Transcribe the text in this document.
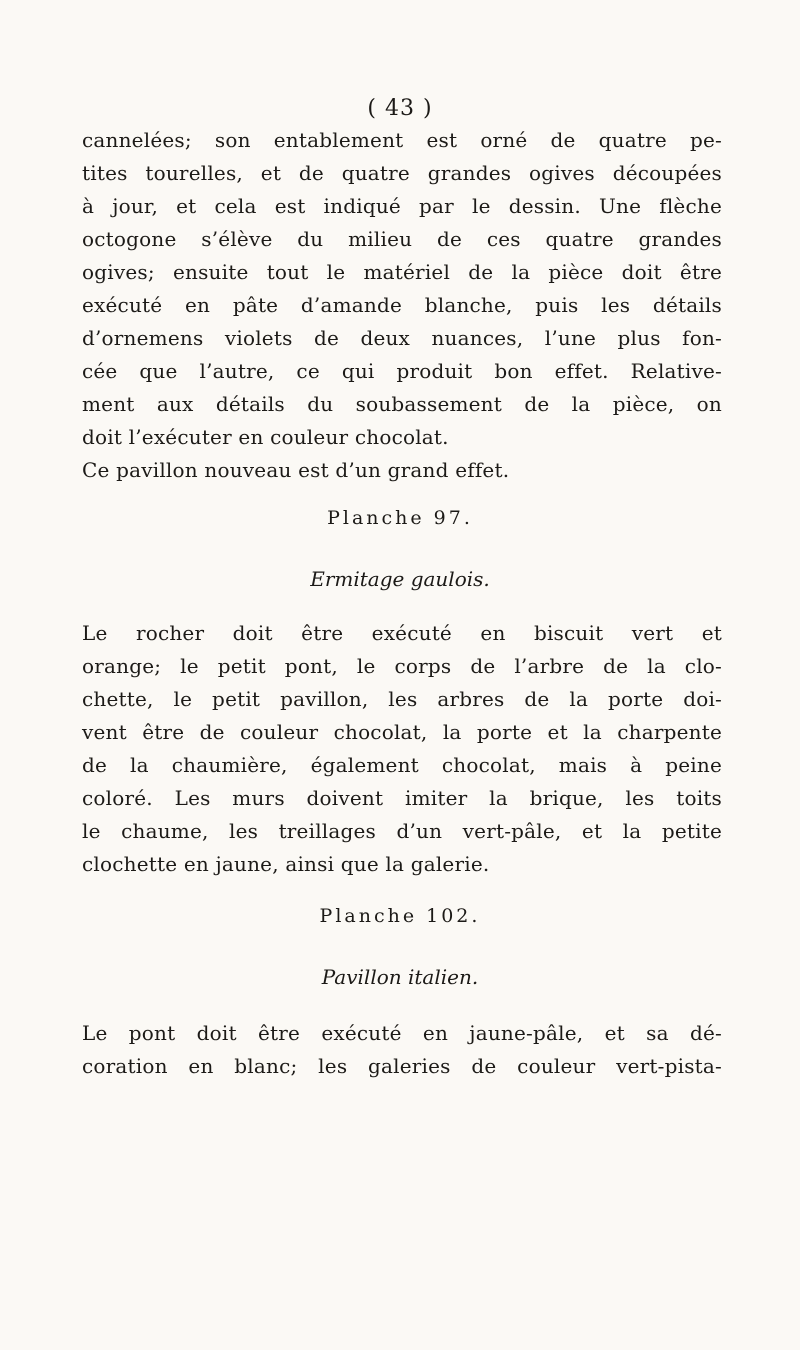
( 43 )
cannelées; son entablement est orné de quatre pe-
tites tourelles, et de quatre grandes ogives découpées
à jour, et cela est indiqué par le dessin. Une flèche
octogone s’élève du milieu de ces quatre grandes
ogives; ensuite tout le matériel de la pièce doit être
exécuté en pâte d’amande blanche, puis les détails
d’ornemens violets de deux nuances, l’une plus fon-
cée que l’autre, ce qui produit bon effet. Relative-
ment aux détails du soubassement de la pièce, on
doit l’exécuter en couleur chocolat.
Ce pavillon nouveau est d’un grand effet.
Planche 97.
Ermitage gaulois.
Le rocher doit être exécuté en biscuit vert et
orange; le petit pont, le corps de l’arbre de la clo-
chette, le petit pavillon, les arbres de la porte doi-
vent être de couleur chocolat, la porte et la charpente
de la chaumière, également chocolat, mais à peine
coloré. Les murs doivent imiter la brique, les toits
le chaume, les treillages d’un vert-pâle, et la petite
clochette en jaune, ainsi que la galerie.
Planche 102.
Pavillon italien.
Le pont doit être exécuté en jaune-pâle, et sa dé-
coration en blanc; les galeries de couleur vert-pista-
